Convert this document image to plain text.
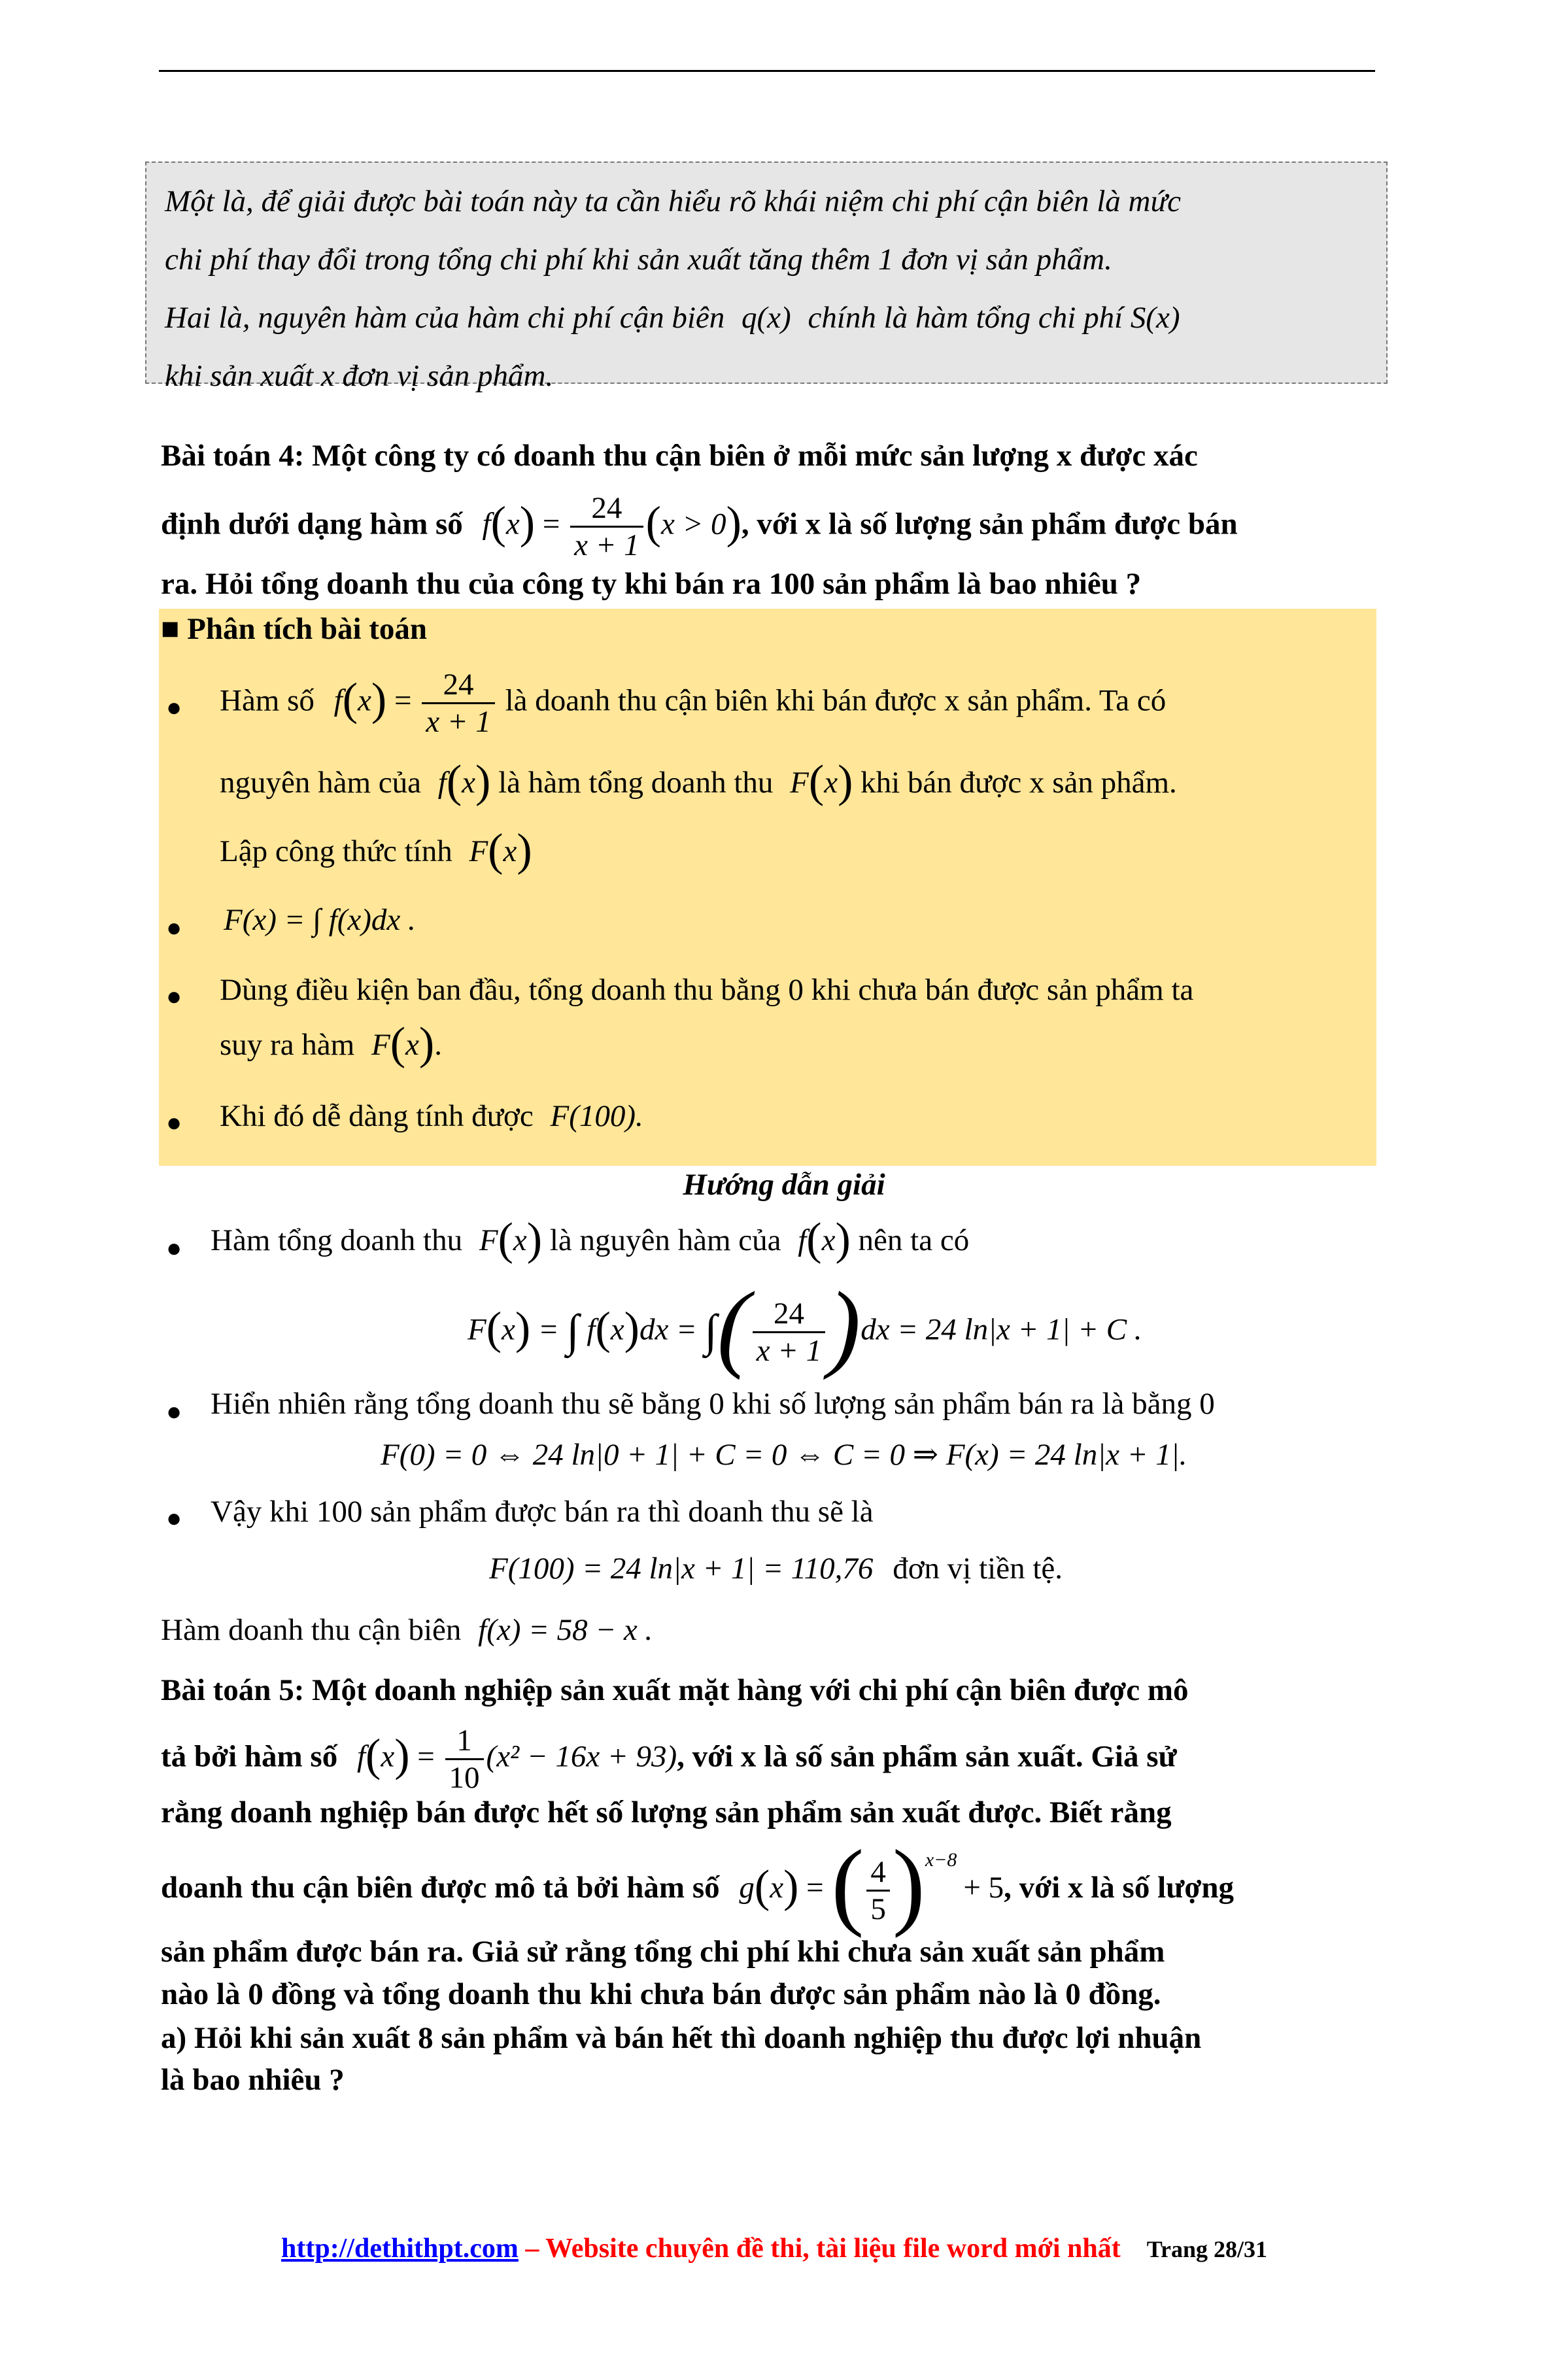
Một là, để giải được bài toán này ta cần hiểu rõ khái niệm chi phí cận biên là mức
chi phí thay đổi trong tổng chi phí khi sản xuất tăng thêm 1 đơn vị sản phẩm.
Hai là, nguyên hàm của hàm chi phí cận biên q(x) chính là hàm tổng chi phí S(x)
khi sản xuất x đơn vị sản phẩm.
Bài toán 4: Một công ty có doanh thu cận biên ở mỗi mức sản lượng x được xác
định dưới dạng hàm số $f(x) = \frac{24}{x + 1} (x > 0)$, với x là số lượng sản phẩm được bán
ra. Hỏi tổng doanh thu của công ty khi bán ra 100 sản phẩm là bao nhiêu ?
■ Phân tích bài toán
● Hàm số $f(x) = \frac{24}{x + 1}$ là doanh thu cận biên khi bán được x sản phẩm. Ta có
nguyên hàm của f(x) là hàm tổng doanh thu F(x) khi bán được x sản phẩm.
Lập công thức tính F(x)
● F(x) = ∫ f(x)dx .
● Dùng điều kiện ban đầu, tổng doanh thu bằng 0 khi chưa bán được sản phẩm ta
suy ra hàm F(x).
● Khi đó dễ dàng tính được F(100).
Hướng dẫn giải
● Hàm tổng doanh thu F(x) là nguyên hàm của f(x) nên ta có
F(x) = ∫ f(x)dx = ∫( $\frac{24}{x + 1} )dx = 24$ ln|x + 1| + C .
● Hiển nhiên rằng tổng doanh thu sẽ bằng 0 khi số lượng sản phẩm bán ra là bằng 0
F(0) = 0 ⇔ 24 ln|0 + 1| + C = 0 ⇔ C = 0 ⇒ F(x) = 24 ln|x + 1|.
● Vậy khi 100 sản phẩm được bán ra thì doanh thu sẽ là
F(100) = 24 ln|x + 1| = 110,76 đơn vị tiền tệ.
Hàm doanh thu cận biên f(x) = 58 − x .
Bài toán 5: Một doanh nghiệp sản xuất mặt hàng với chi phí cận biên được mô
tả bởi hàm số $f(x) = \frac{1}{10} (x^2 - 16x + 93)$, với x là số sản phẩm sản xuất. Giả sử
rằng doanh nghiệp bán được hết số lượng sản phẩm sản xuất được. Biết rằng
doanh thu cận biên được mô tả bởi hàm số g(x) = ( $\frac{4}{5} )^{x-8}+ 5$, với x là số lượng
sản phẩm được bán ra. Giả sử rằng tổng chi phí khi chưa sản xuất sản phẩm
nào là 0 đồng và tổng doanh thu khi chưa bán được sản phẩm nào là 0 đồng.
a) Hỏi khi sản xuất 8 sản phẩm và bán hết thì doanh nghiệp thu được lợi nhuận
là bao nhiêu ?
http://dethithpt.com – Website chuyên đề thi, tài liệu file word mới nhất Trang 28/31
